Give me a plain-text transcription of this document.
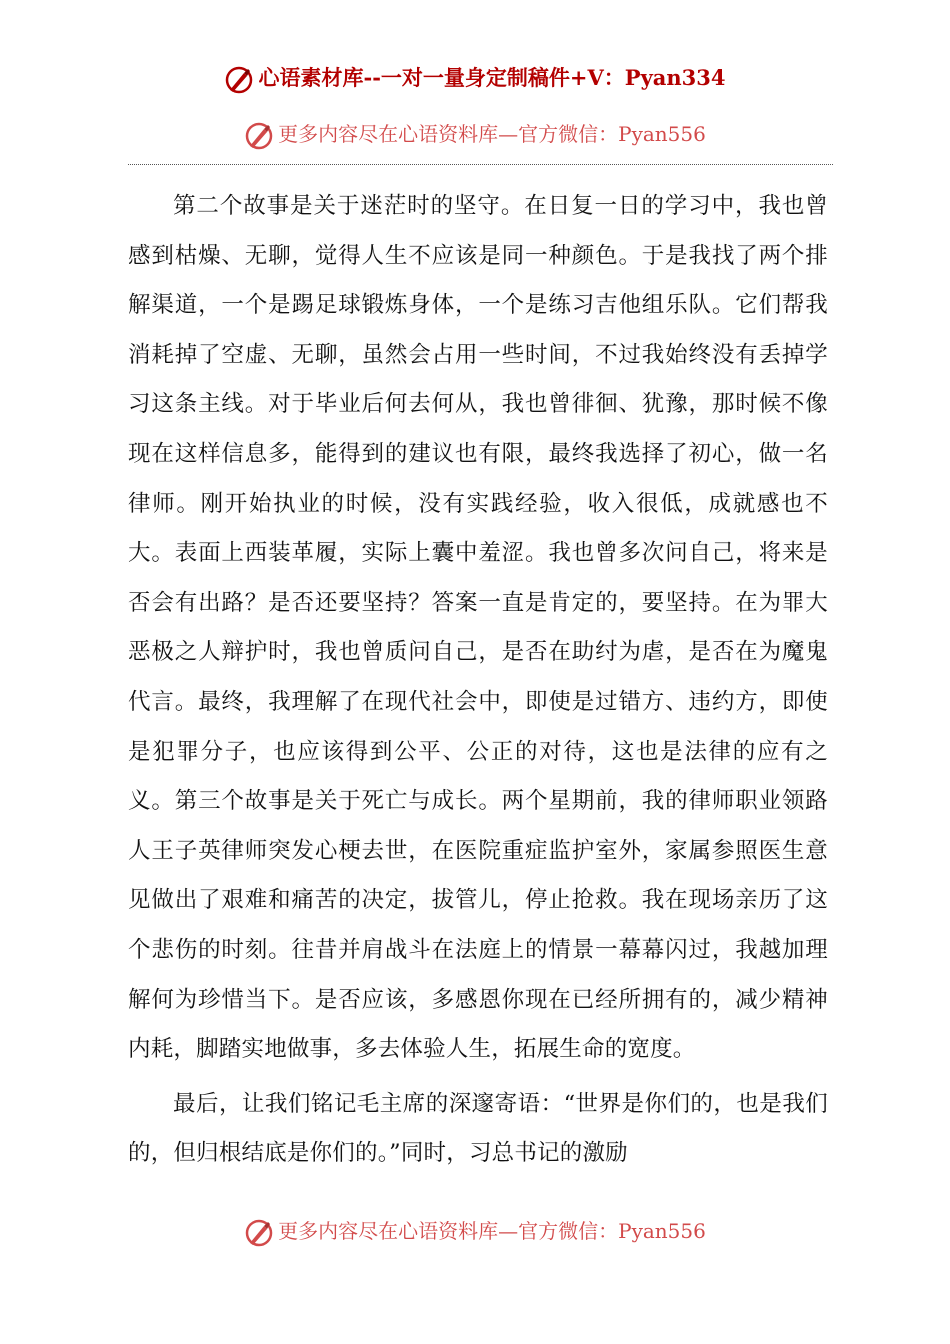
心语素材库--一对一量身定制稿件+V：Pyan334
更多内容尽在心语资料库—官方微信：Pyan556

第二个故事是关于迷茫时的坚守。在日复一日的学习中，我也曾感到枯燥、无聊，觉得人生不应该是同一种颜色。于是我找了两个排解渠道，一个是踢足球锻炼身体，一个是练习吉他组乐队。它们帮我消耗掉了空虚、无聊，虽然会占用一些时间，不过我始终没有丢掉学习这条主线。对于毕业后何去何从，我也曾徘徊、犹豫，那时候不像现在这样信息多，能得到的建议也有限，最终我选择了初心，做一名律师。刚开始执业的时候，没有实践经验，收入很低，成就感也不大。表面上西装革履，实际上囊中羞涩。我也曾多次问自己，将来是否会有出路？是否还要坚持？答案一直是肯定的，要坚持。在为罪大恶极之人辩护时，我也曾质问自己，是否在助纣为虐，是否在为魔鬼代言。最终，我理解了在现代社会中，即使是过错方、违约方，即使是犯罪分子，也应该得到公平、公正的对待，这也是法律的应有之义。第三个故事是关于死亡与成长。两个星期前，我的律师职业领路人王子英律师突发心梗去世，在医院重症监护室外，家属参照医生意见做出了艰难和痛苦的决定，拔管儿，停止抢救。我在现场亲历了这个悲伤的时刻。往昔并肩战斗在法庭上的情景一幕幕闪过，我越加理解何为珍惜当下。是否应该，多感恩你现在已经所拥有的，减少精神内耗，脚踏实地做事，多去体验人生，拓展生命的宽度。

最后，让我们铭记毛主席的深邃寄语：“世界是你们的，也是我们的，但归根结底是你们的。”同时，习总书记的激励

更多内容尽在心语资料库—官方微信：Pyan556
